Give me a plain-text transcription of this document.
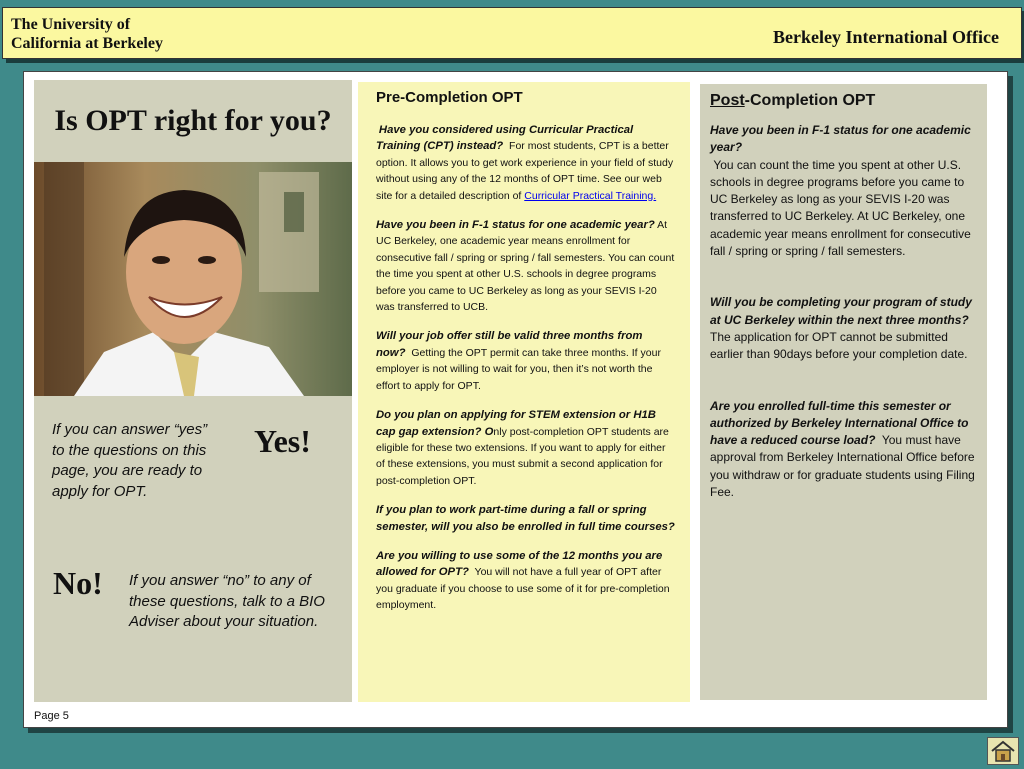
The University of
California at Berkeley	Berkeley International Office
Is OPT right for you?
If you can answer “yes” to the questions on this page, you are ready to apply for OPT.
Yes!
No! If you answer “no” to any of these questions, talk to a BIO Adviser about your situation.
Pre-Completion OPT

Have you considered using Curricular Practical Training (CPT) instead? For most students, CPT is a better option. It allows you to get work experience in your field of study without using any of the 12 months of OPT time. See our web site for a detailed description of Curricular Practical Training.

Have you been in F-1 status for one academic year? At UC Berkeley, one academic year means enrollment for consecutive fall / spring or spring / fall semesters. You can count the time you spent at other U.S. schools in degree programs before you came to UC Berkeley as long as your SEVIS I-20 was transferred to UCB.

Will your job offer still be valid three months from now? Getting the OPT permit can take three months. If your employer is not willing to wait for you, then it’s not worth the effort to apply for OPT.

Do you plan on applying for STEM extension or H1B cap gap extension? Only post-completion OPT students are eligible for these two extensions. If you want to apply for either of these extensions, you must submit a second application for post-completion OPT.

If you plan to work part-time during a fall or spring semester, will you also be enrolled in full time courses?

Are you willing to use some of the 12 months you are allowed for OPT? You will not have a full year of OPT after you graduate if you choose to use some of it for pre-completion employment.

Post-Completion OPT

Have you been in F-1 status for one academic year?
You can count the time you spent at other U.S. schools in degree programs before you came to UC Berkeley as long as your SEVIS I-20 was transferred to UC Berkeley. At UC Berkeley, one academic year means enrollment for consecutive fall / spring or spring / fall semesters.

Will you be completing your program of study at UC Berkeley within the next three months?  The application for OPT cannot be submitted earlier than 90days before your completion date.

Are you enrolled full-time this semester or authorized by Berkeley International Office to have a reduced course load? You must have approval from Berkeley International Office before you withdraw or for graduate students using Filing Fee.

Page 5
